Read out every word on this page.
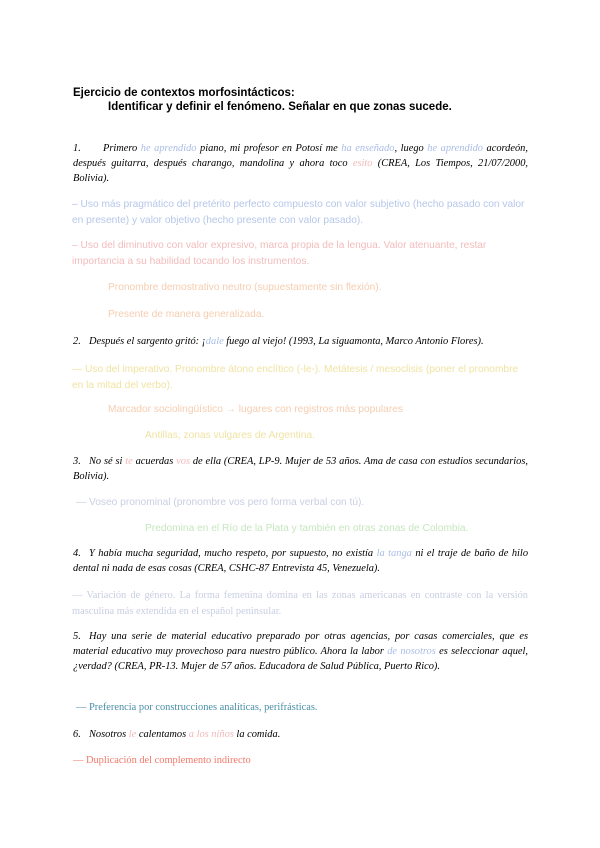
Ejercicio de contextos morfosintácticos:
Identificar y definir el fenómeno. Señalar en que zonas sucede.
1. Primero he aprendido piano, mi profesor en Potosí me ha enseñado, luego he aprendido acordeón, después guitarra, después charango, mandolina y ahora toco esito (CREA, Los Tiempos, 21/07/2000, Bolivia).
– Uso más pragmático del pretérito perfecto compuesto con valor subjetivo (hecho pasado con valor en presente) y valor objetivo (hecho presente con valor pasado).
– Uso del diminutivo con valor expresivo, marca propia de la lengua. Valor atenuante, restar importancia a su habilidad tocando los instrumentos.
Pronombre demostrativo neutro (supuestamente sin flexión).
Presente de manera generalizada.
2. Después el sargento gritó: ¡dale fuego al viejo! (1993, La siguamonta, Marco Antonio Flores).
— Uso del imperativo. Pronombre átono enclítico (-le-). Metátesis / mesoclisis (poner el pronombre en la mitad del verbo).
Marcador sociolingüístico → lugares con registros más populares
Antillas, zonas vulgares de Argentina.
3. No sé si te acuerdas vos de ella (CREA, LP-9. Mujer de 53 años. Ama de casa con estudios secundarios, Bolivia).
— Voseo pronominal (pronombre vos pero forma verbal con tú).
Predomina en el Río de la Plata y también en otras zonas de Colombia.
4. Y había mucha seguridad, mucho respeto, por supuesto, no existía la tanga ni el traje de baño de hilo dental ni nada de esas cosas (CREA, CSHC-87 Entrevista 45, Venezuela).
— Variación de género. La forma femenina domina en las zonas americanas en contraste con la versión masculina más extendida en el español peninsular.
5. Hay una serie de material educativo preparado por otras agencias, por casas comerciales, que es material educativo muy provechoso para nuestro público. Ahora la labor de nosotros es seleccionar aquel, ¿verdad? (CREA, PR-13. Mujer de 57 años. Educadora de Salud Pública, Puerto Rico).
— Preferencia por construcciones analíticas, perifrásticas.
6. Nosotros le calentamos a los niños la comida.
— Duplicación del complemento indirecto
